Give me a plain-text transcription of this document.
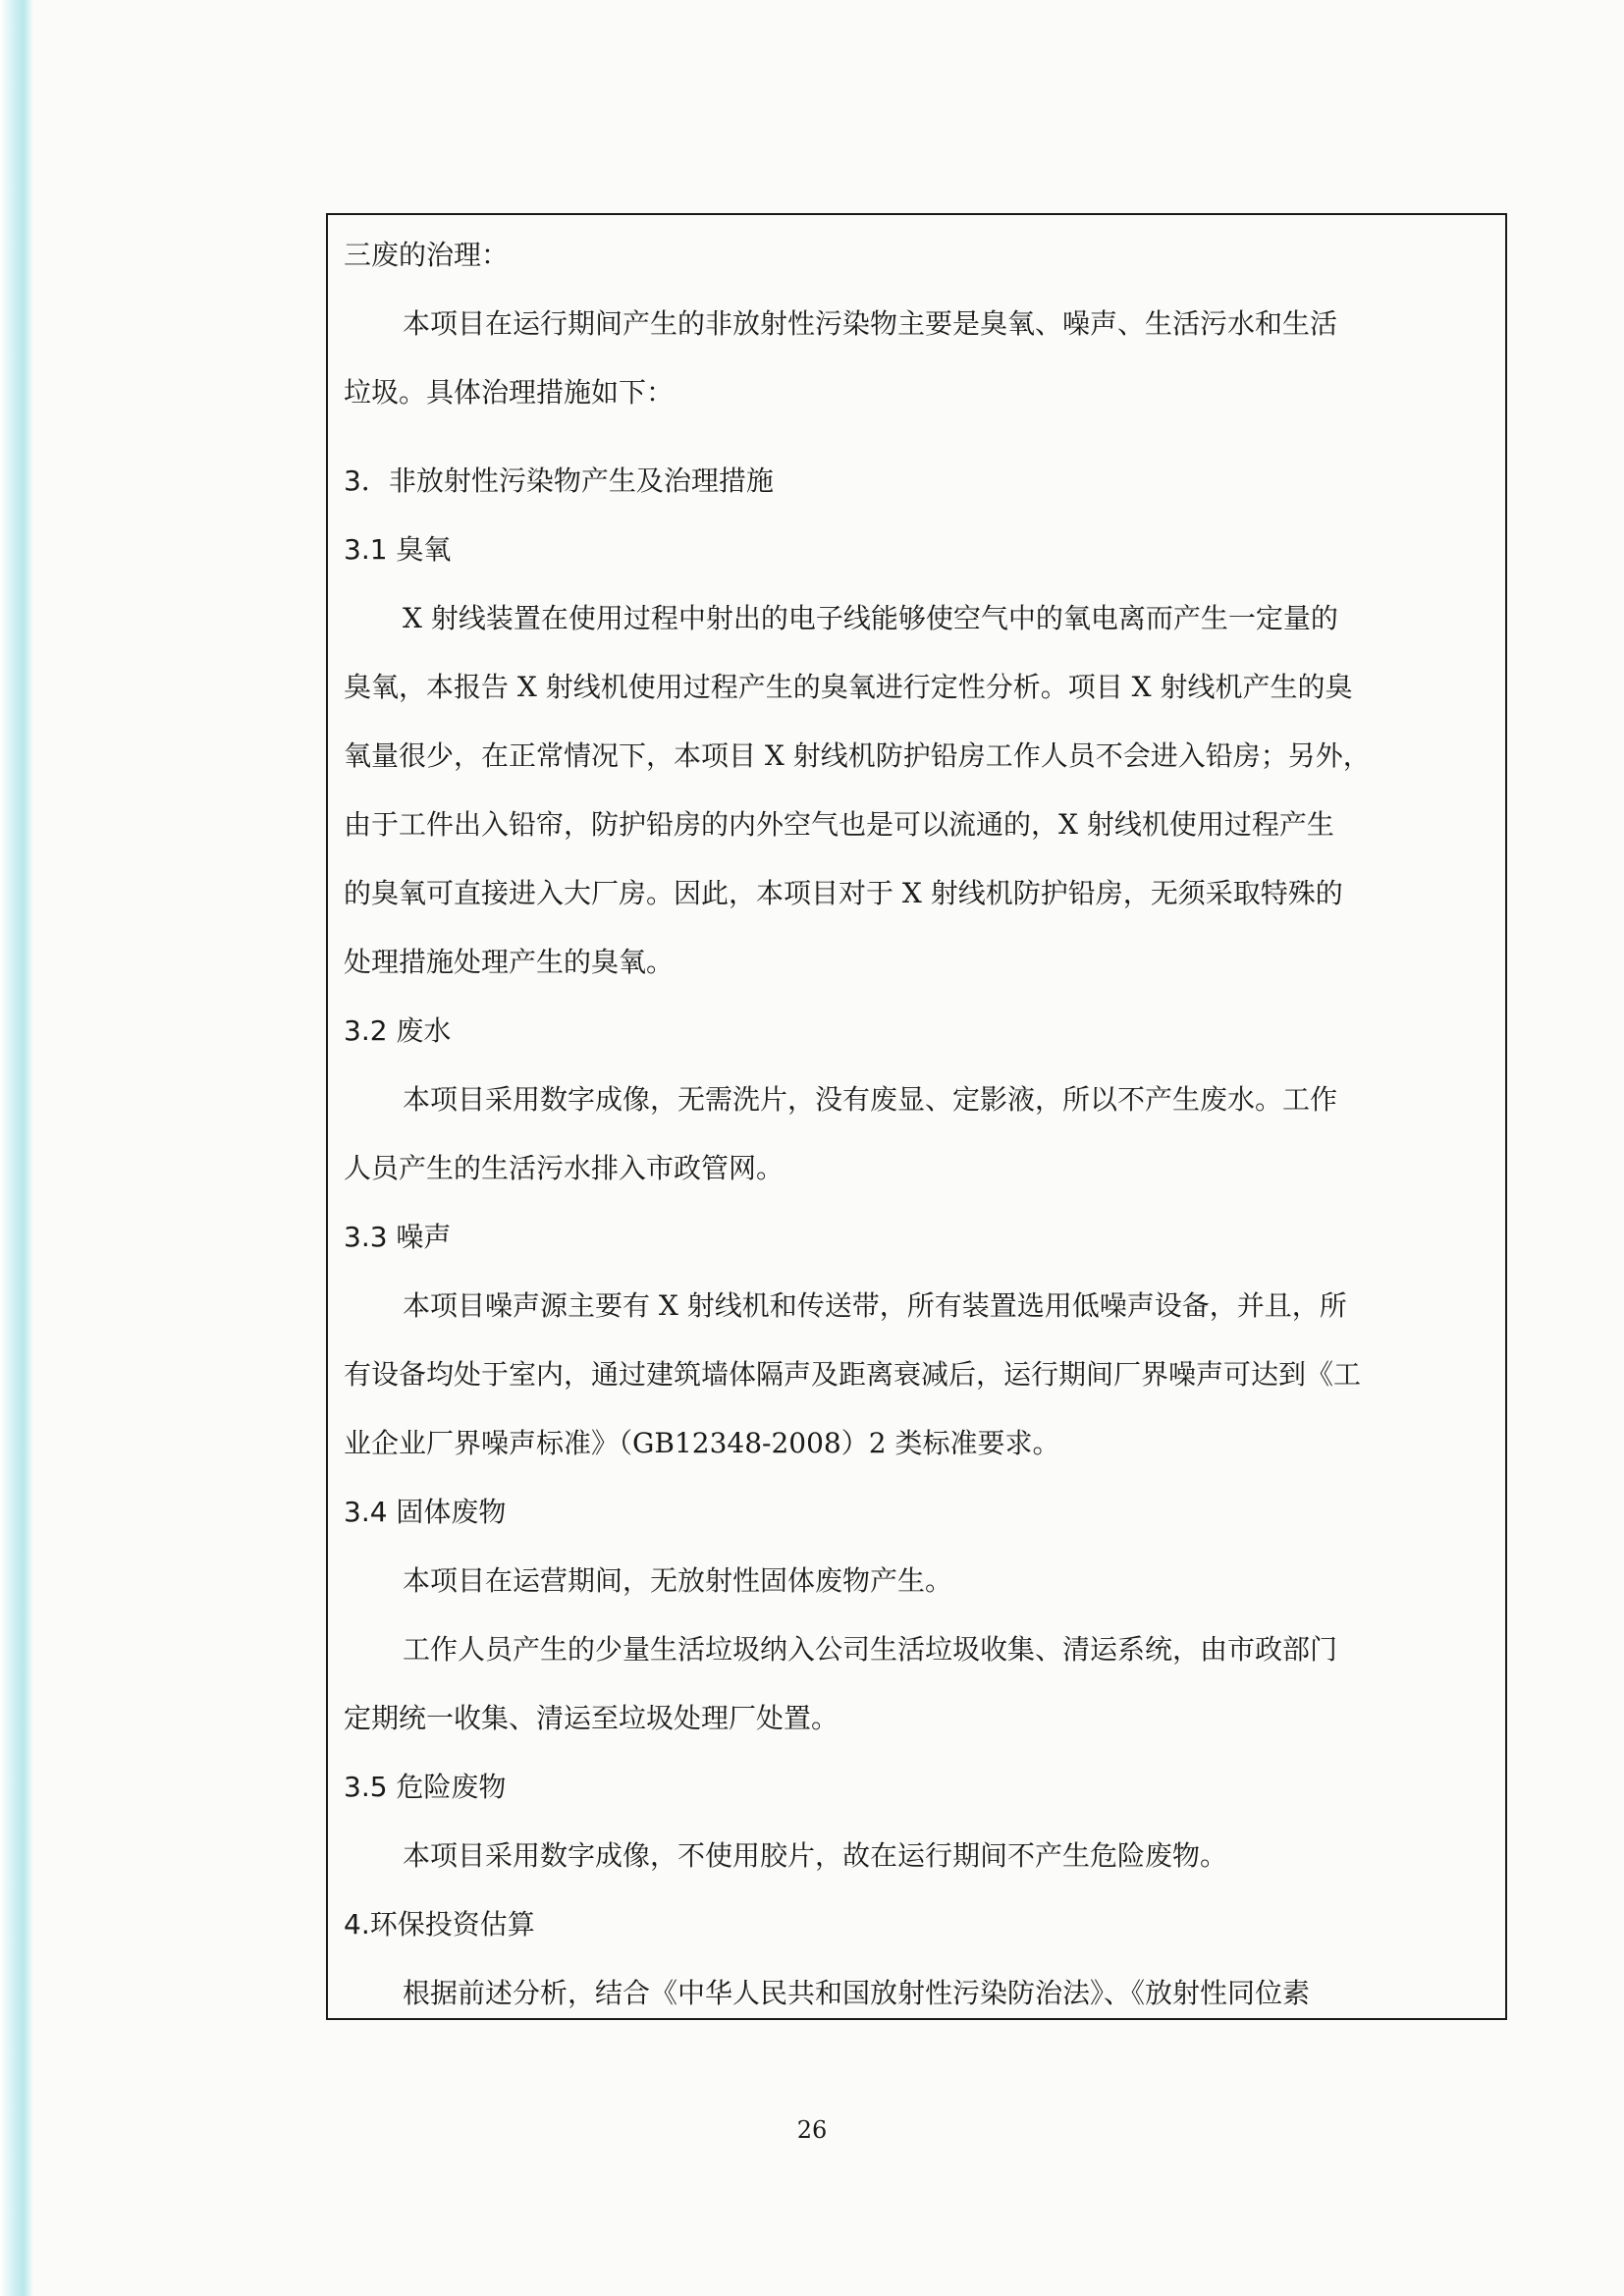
三废的治理：
本项目在运行期间产生的非放射性污染物主要是臭氧、噪声、生活污水和生活
垃圾。具体治理措施如下：
3．非放射性污染物产生及治理措施
3.1 臭氧
X 射线装置在使用过程中射出的电子线能够使空气中的氧电离而产生一定量的
臭氧，本报告 X 射线机使用过程产生的臭氧进行定性分析。项目 X 射线机产生的臭
氧量很少，在正常情况下，本项目 X 射线机防护铅房工作人员不会进入铅房；另外，
由于工件出入铅帘，防护铅房的内外空气也是可以流通的，X 射线机使用过程产生
的臭氧可直接进入大厂房。因此，本项目对于 X 射线机防护铅房，无须采取特殊的
处理措施处理产生的臭氧。
3.2 废水
本项目采用数字成像，无需洗片，没有废显、定影液，所以不产生废水。工作
人员产生的生活污水排入市政管网。
3.3 噪声
本项目噪声源主要有 X 射线机和传送带，所有装置选用低噪声设备，并且，所
有设备均处于室内，通过建筑墙体隔声及距离衰减后，运行期间厂界噪声可达到《工
业企业厂界噪声标准》（GB12348-2008）2 类标准要求。
3.4 固体废物
本项目在运营期间，无放射性固体废物产生。
工作人员产生的少量生活垃圾纳入公司生活垃圾收集、清运系统，由市政部门
定期统一收集、清运至垃圾处理厂处置。
3.5 危险废物
本项目采用数字成像，不使用胶片，故在运行期间不产生危险废物。
4.环保投资估算
根据前述分析，结合《中华人民共和国放射性污染防治法》、《放射性同位素
26
